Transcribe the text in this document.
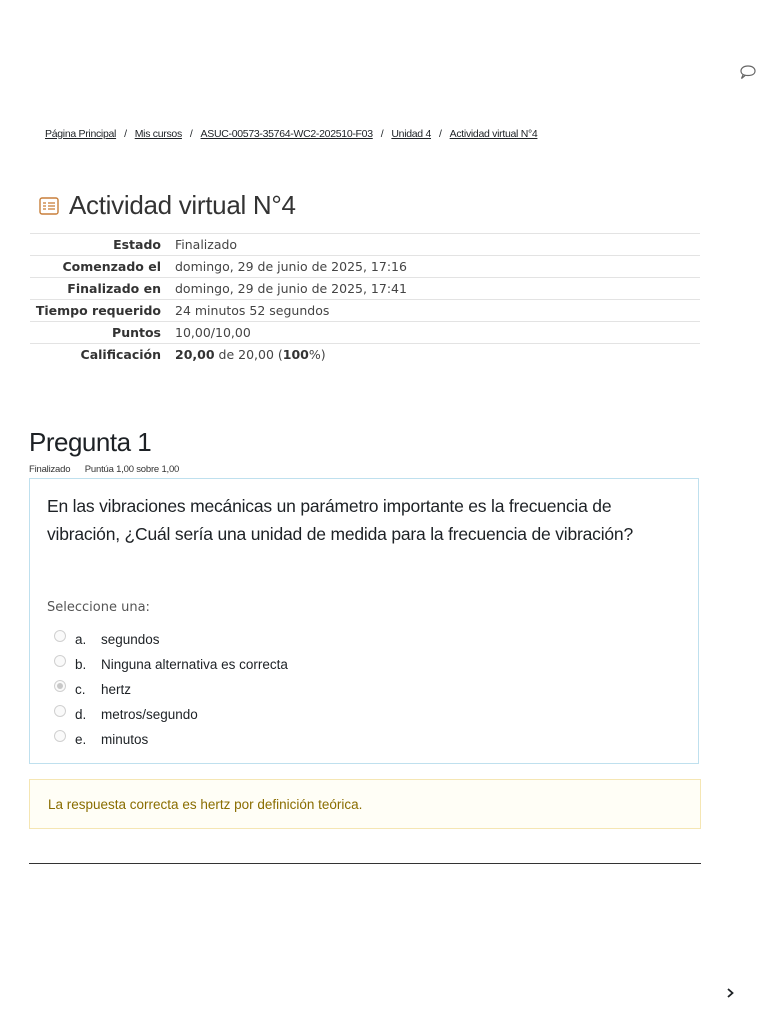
Página Principal / Mis cursos / ASUC-00573-35764-WC2-202510-F03 / Unidad 4 / Actividad virtual N°4
Actividad virtual N°4
Estado	Finalizado
Comenzado el	domingo, 29 de junio de 2025, 17:16
Finalizado en	domingo, 29 de junio de 2025, 17:41
Tiempo requerido	24 minutos 52 segundos
Puntos	10,00/10,00
Calificación	20,00 de 20,00 (100%)
Pregunta 1
Finalizado Puntúa 1,00 sobre 1,00
En las vibraciones mecánicas un parámetro importante es la frecuencia de vibración, ¿Cuál sería una unidad de medida para la frecuencia de vibración?
Seleccione una:
a.	segundos
b.	Ninguna alternativa es correcta
c.	hertz
d.	metros/segundo
e.	minutos
La respuesta correcta es hertz por definición teórica.
